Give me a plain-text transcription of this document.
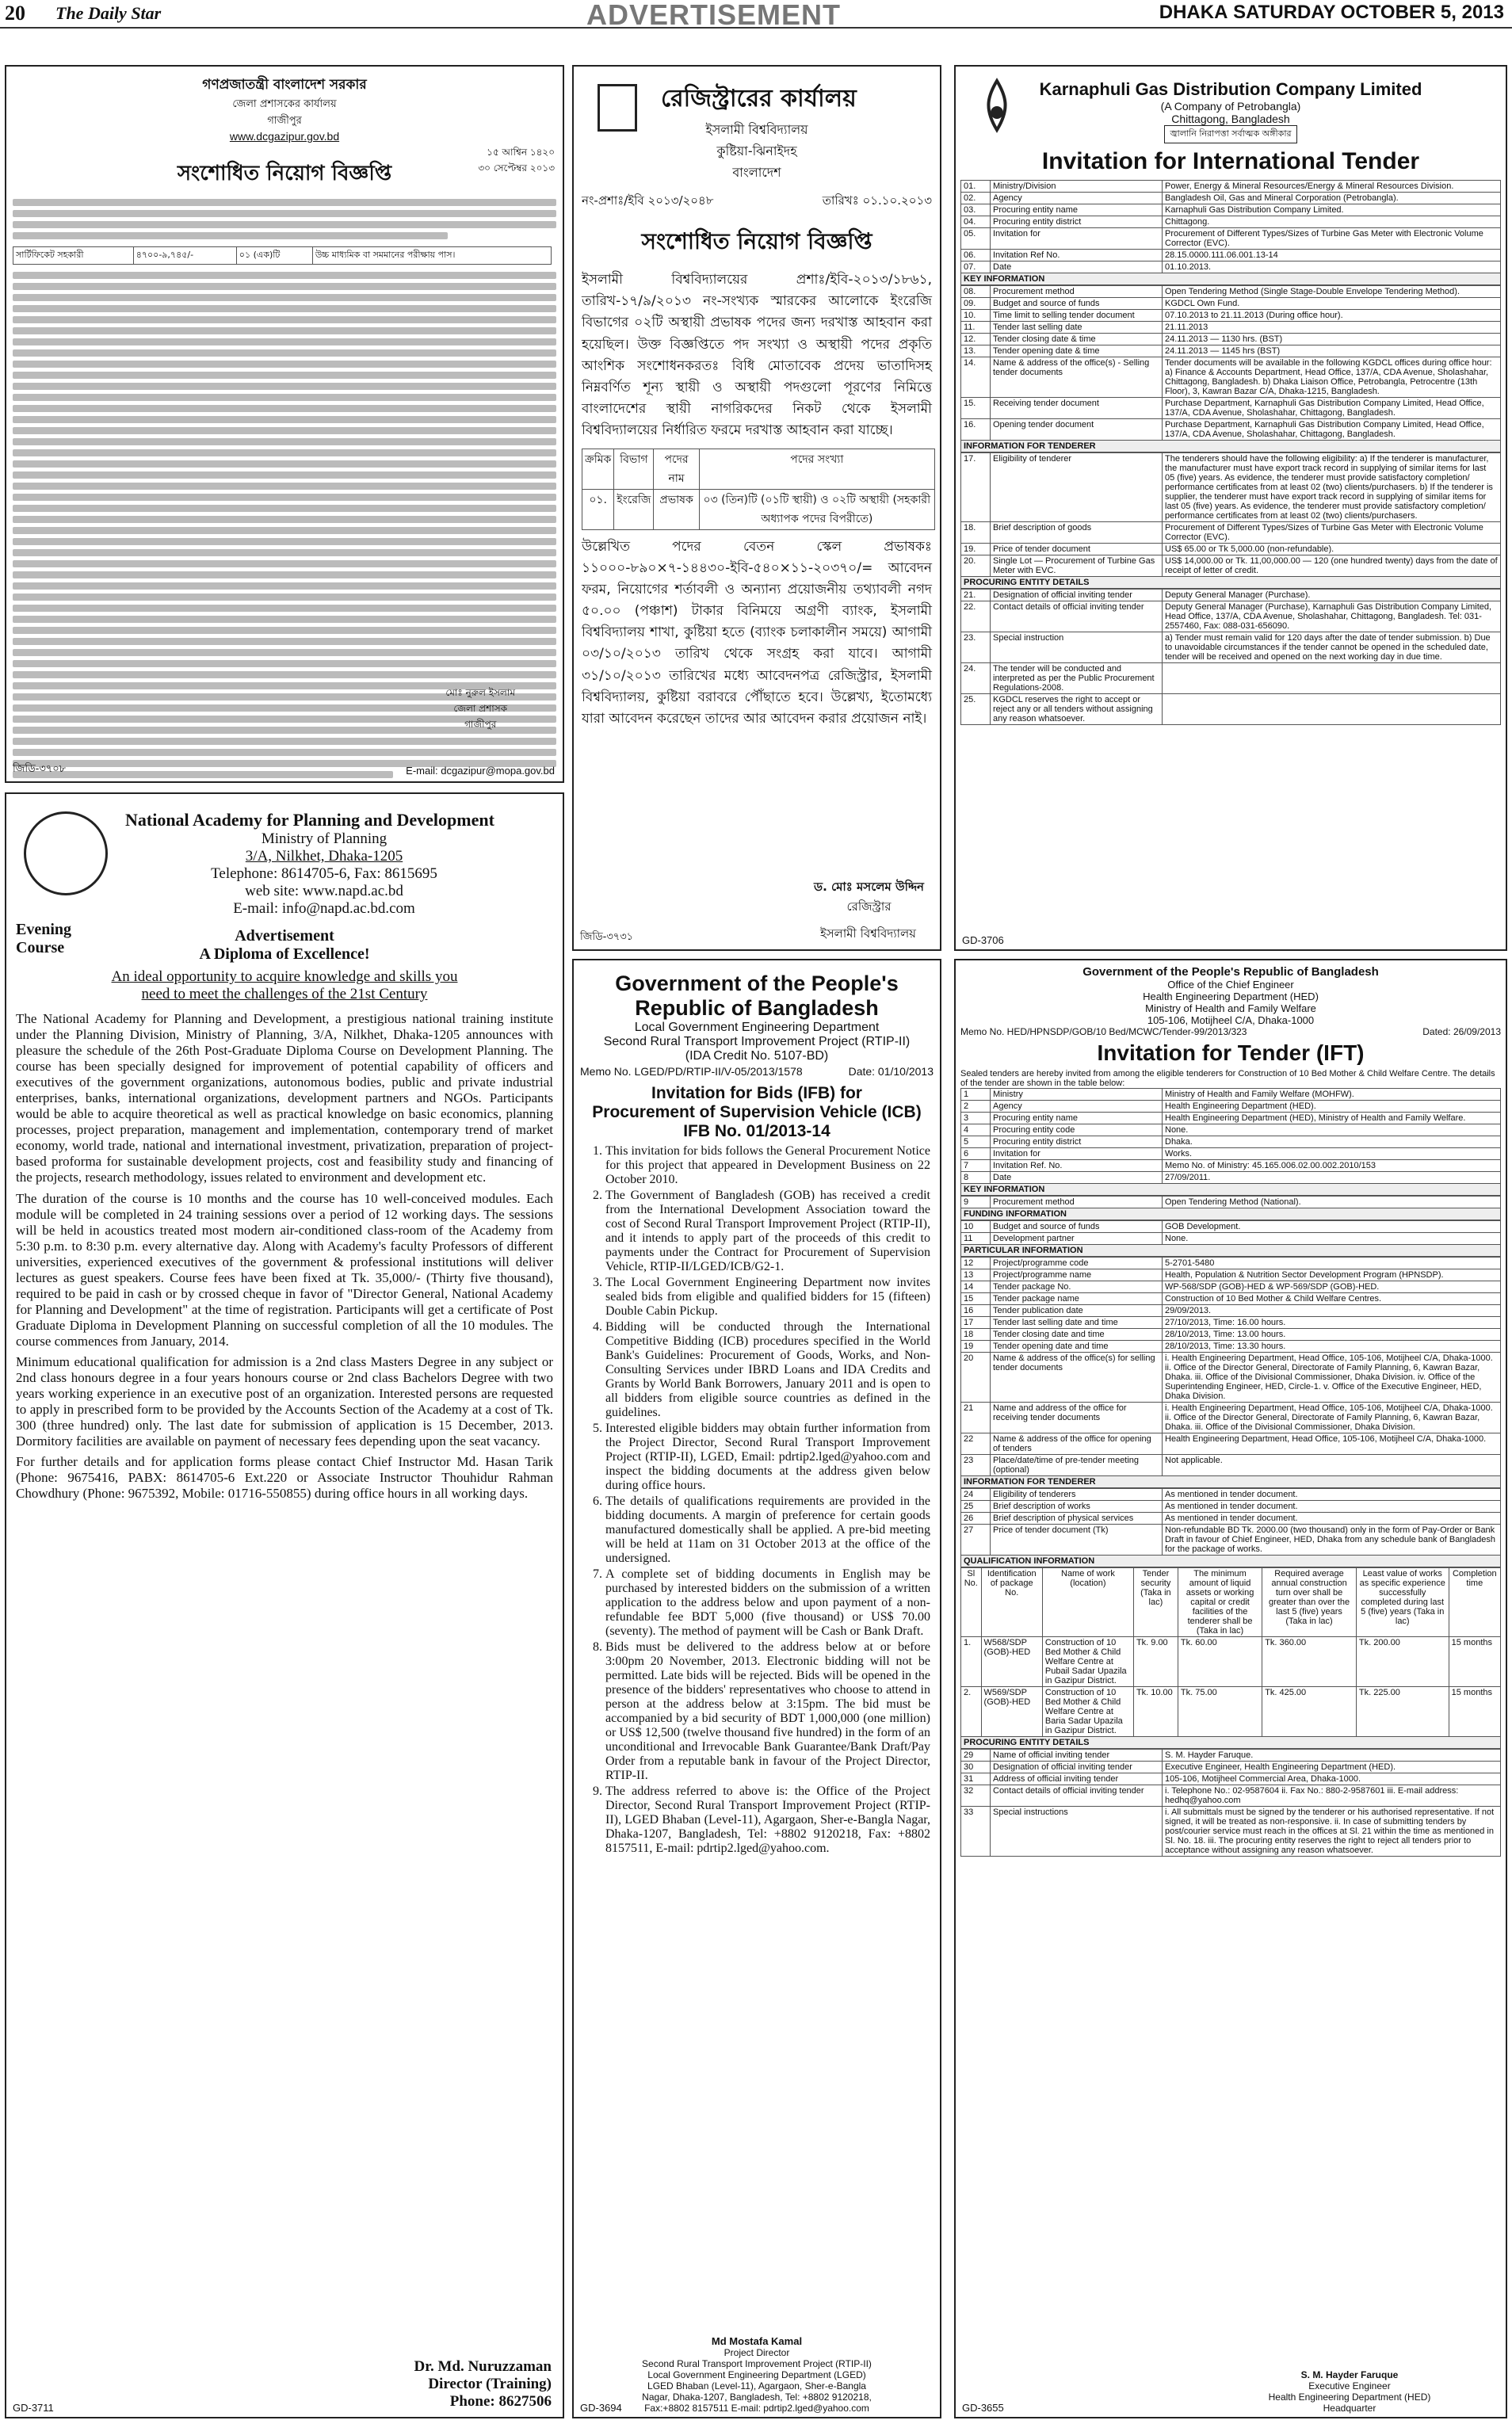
20 The Daily Star	ADVERTISEMENT	DHAKA SATURDAY OCTOBER 5, 2013
গণপ্রজাতন্ত্রী বাংলাদেশ সরকার
জেলা প্রশাসকের কার্যালয়
গাজীপুর
www.dcgazipur.gov.bd
১৫ আশ্বিন ১৪২০
৩০ সেপ্টেম্বর ২০১৩
সংশোধিত নিয়োগ বিজ্ঞপ্তি
সার্টিফিকেট সহকারী	৪৭০০-৯,৭৪৫/-	০১ (এক)টি	উচ্চ মাধ্যমিক বা সমমানের পরীক্ষায় পাস।
মোঃ নুরুল ইসলাম
জেলা প্রশাসক
গাজীপুর
E-mail: dcgazipur@mopa.gov.bd
জিডি-৩৭০৮
রেজিস্ট্রারের কার্যালয়
ইসলামী বিশ্ববিদ্যালয়
কুষ্টিয়া-ঝিনাইদহ
বাংলাদেশ
নং-প্রশাঃ/ইবি ২০১৩/২০৪৮	তারিখঃ ০১.১০.২০১৩
সংশোধিত নিয়োগ বিজ্ঞপ্তি
ইসলামী বিশ্ববিদ্যালয়ের প্রশাঃ/ইবি-২০১৩/১৮৬১, তারিখ-১৭/৯/২০১৩ নং-সংখ্যক স্মারকের আলোকে ইংরেজি বিভাগের ০২টি অস্থায়ী প্রভাষক পদের জন্য দরখাস্ত আহবান করা হয়েছিল। উক্ত বিজ্ঞপ্তিতে পদ সংখ্যা ও অস্থায়ী পদের প্রকৃতি আংশিক সংশোধনকরতঃ বিধি মোতাবেক প্রদেয় ভাতাদিসহ নিম্নবর্ণিত শূন্য স্থায়ী ও অস্থায়ী পদগুলো পূরণের নিমিত্তে বাংলাদেশের স্থায়ী নাগরিকদের নিকট থেকে ইসলামী বিশ্ববিদ্যালয়ের নির্ধারিত ফরমে দরখাস্ত আহবান করা যাচ্ছে।
ক্রমিক	বিভাগ	পদের নাম	পদের সংখ্যা
০১.	ইংরেজি	প্রভাষক	০৩ (তিন)টি (০১টি স্থায়ী) ও ০২টি অস্থায়ী (সহকারী অধ্যাপক পদের বিপরীতে)
উল্লেখিত পদের বেতন স্কেল প্রভাষক‌ঃ ১১০০০-৮৯০×৭-১৪৪৩০-ইবি-৫৪০×১১-২০৩৭০/= আবেদন ফরম, নিয়োগের শর্তাবলী ও অন্যান্য প্রয়োজনীয় তথ্যাবলী নগদ ৫০.০০ (পঞ্চাশ) টাকার বিনিময়ে অগ্রণী ব্যাংক, ইসলামী বিশ্ববিদ্যালয় শাখা, কুষ্টিয়া হতে (ব্যাংক চলাকালীন সময়ে) আগামী ০৩/১০/২০১৩ তারিখ থেকে সংগ্রহ করা যাবে। আগামী ৩১/১০/২০১৩ তারিখের মধ্যে আবেদনপত্র রেজিস্ট্রার, ইসলামী বিশ্ববিদ্যালয়, কুষ্টিয়া বরাবরে পৌঁছাতে হবে। উল্লেখ্য, ইতোমধ্যে যারা আবেদন করেছেন তাদের আর আবেদন করার প্রয়োজন নাই।
ড. মোঃ মসলেম উদ্দিন
রেজিস্ট্রার
ইসলামী বিশ্ববিদ্যালয়
জিডি-৩৭৩১
Karnaphuli Gas Distribution Company Limited
(A Company of Petrobangla)
Chittagong, Bangladesh
জ্বালানি নিরাপত্তা সর্বাত্মক অঙ্গীকার
Invitation for International Tender
01.	Ministry/Division	Power, Energy & Mineral Resources/Energy & Mineral Resources Division.
02.	Agency	Bangladesh Oil, Gas and Mineral Corporation (Petrobangla).
03.	Procuring entity name	Karnaphuli Gas Distribution Company Limited.
04.	Procuring entity district	Chittagong.
05.	Invitation for	Procurement of Different Types/Sizes of Turbine Gas Meter with Electronic Volume Corrector (EVC).
06.	Invitation Ref No.	28.15.0000.111.06.001.13-14
07.	Date	01.10.2013.
KEY INFORMATION
08.	Procurement method	Open Tendering Method (Single Stage-Double Envelope Tendering Method).
09.	Budget and source of funds	KGDCL Own Fund.
10.	Time limit to selling tender document	07.10.2013 to 21.11.2013 (During office hour).
11.	Tender last selling date	21.11.2013
12.	Tender closing date & time	24.11.2013 — 1130 hrs. (BST)
13.	Tender opening date & time	24.11.2013 — 1145 hrs (BST)
14.	Name & address of the office(s) - Selling tender documents	Tender documents will be available in the following KGDCL offices during office hour: a) Finance & Accounts Department, Head Office, 137/A, CDA Avenue, Sholashahar, Chittagong, Bangladesh. b) Dhaka Liaison Office, Petrobangla, Petrocentre (13th Floor), 3, Kawran Bazar C/A, Dhaka-1215, Bangladesh.
15.	Receiving tender document	Purchase Department, Karnaphuli Gas Distribution Company Limited, Head Office, 137/A, CDA Avenue, Sholashahar, Chittagong, Bangladesh.
16.	Opening tender document	Purchase Department, Karnaphuli Gas Distribution Company Limited, Head Office, 137/A, CDA Avenue, Sholashahar, Chittagong, Bangladesh.
INFORMATION FOR TENDERER
17.	Eligibility of tenderer	The tenderers should have the following eligibility: a) If the tenderer is manufacturer, the manufacturer must have export track record in supplying of similar items for last 05 (five) years. As evidence, the tenderer must provide satisfactory completion/ performance certificates from at least 02 (two) clients/purchasers. b) If the tenderer is supplier, the tenderer must have export track record in supplying of similar items for last 05 (five) years. As evidence, the tenderer must provide satisfactory completion/ performance certificates from at least 02 (two) clients/purchasers.
18.	Brief description of goods	Procurement of Different Types/Sizes of Turbine Gas Meter with Electronic Volume Corrector (EVC).
19.	Price of tender document	US$ 65.00 or Tk 5,000.00 (non-refundable).
20.	Single Lot — Procurement of Turbine Gas Meter with EVC.	US$ 14,000.00 or Tk. 11,00,000.00 — 120 (one hundred twenty) days from the date of receipt of letter of credit.
PROCURING ENTITY DETAILS
21.	Designation of official inviting tender	Deputy General Manager (Purchase).
22.	Contact details of official inviting tender	Deputy General Manager (Purchase), Karnaphuli Gas Distribution Company Limited, Head Office, 137/A, CDA Avenue, Sholashahar, Chittagong, Bangladesh. Tel: 031-2557460, Fax: 088-031-656090.
23.	Special instruction	a) Tender must remain valid for 120 days after the date of tender submission. b) Due to unavoidable circumstances if the tender cannot be opened in the scheduled date, tender will be received and opened on the next working day in due time.
24.	The tender will be conducted and interpreted as per the Public Procurement Regulations-2008.	
25.	KGDCL reserves the right to accept or reject any or all tenders without assigning any reason whatsoever.	
GD-3706
National Academy for Planning and Development
Ministry of Planning
3/A, Nilkhet, Dhaka-1205
Telephone: 8614705-6, Fax: 8615695
web site: www.napd.ac.bd
E-mail: info@napd.ac.bd.com
Evening
Course
Advertisement
A Diploma of Excellence!
An ideal opportunity to acquire knowledge and skills you
need to meet the challenges of the 21st Century

The National Academy for Planning and Development, a prestigious national training institute under the Planning Division, Ministry of Planning, 3/A, Nilkhet, Dhaka-1205 announces with pleasure the schedule of the 26th Post-Graduate Diploma Course on Development Planning. The course has been specially designed for improvement of potential capability of officers and executives of the government organizations, autonomous bodies, public and private industrial enterprises, banks, international organizations, development partners and NGOs. Participants would be able to acquire theoretical as well as practical knowledge on basic economics, planning processes, project preparation, management and implementation, contemporary trend of market economy, world trade, national and international investment, privatization, preparation of project-based proforma for sustainable development projects, cost and feasibility study and financing of the projects, research methodology, issues related to environment and development etc.

The duration of the course is 10 months and the course has 10 well-conceived modules. Each module will be completed in 24 training sessions over a period of 12 working days. The sessions will be held in acoustics treated most modern air-conditioned class-room of the Academy from 5:30 p.m. to 8:30 p.m. every alternative day. Along with Academy's faculty Professors of different universities, experienced executives of the government & professional institutions will deliver lectures as guest speakers. Course fees have been fixed at Tk. 35,000/- (Thirty five thousand), required to be paid in cash or by crossed cheque in favor of "Director General, National Academy for Planning and Development" at the time of registration. Participants will get a certificate of Post Graduate Diploma in Development Planning on successful completion of all the 10 modules. The course commences from January, 2014.

Minimum educational qualification for admission is a 2nd class Masters Degree in any subject or 2nd class honours degree in a four years honours course or 2nd class Bachelors Degree with two years working experience in an executive post of an organization. Interested persons are requested to apply in prescribed form to be provided by the Accounts Section of the Academy at a cost of Tk. 300 (three hundred) only. The last date for submission of application is 15 December, 2013. Dormitory facilities are available on payment of necessary fees depending upon the seat vacancy.

For further details and for application forms please contact Chief Instructor Md. Hasan Tarik (Phone: 9675416, PABX: 8614705-6 Ext.220 or Associate Instructor Thouhidur Rahman Chowdhury (Phone: 9675392, Mobile: 01716-550855) during office hours in all working days.

Dr. Md. Nuruzzaman
Director (Training)
Phone: 8627506
GD-3711
Government of the People's
Republic of Bangladesh
Local Government Engineering Department
Second Rural Transport Improvement Project (RTIP-II)
(IDA Credit No. 5107-BD)
Memo No. LGED/PD/RTIP-II/V-05/2013/1578	Date: 01/10/2013
Invitation for Bids (IFB) for
Procurement of Supervision Vehicle (ICB)
IFB No. 01/2013-14
1. This invitation for bids follows the General Procurement Notice for this project that appeared in Development Business on 22 October 2010.
2. The Government of Bangladesh (GOB) has received a credit from the International Development Association toward the cost of Second Rural Transport Improvement Project (RTIP-II), and it intends to apply part of the proceeds of this credit to payments under the Contract for Procurement of Supervision Vehicle, RTIP-II/LGED/ICB/G2-1.
3. The Local Government Engineering Department now invites sealed bids from eligible and qualified bidders for 15 (fifteen) Double Cabin Pickup.
4. Bidding will be conducted through the International Competitive Bidding (ICB) procedures specified in the World Bank's Guidelines: Procurement of Goods, Works, and Non-Consulting Services under IBRD Loans and IDA Credits and Grants by World Bank Borrowers, January 2011 and is open to all bidders from eligible source countries as defined in the guidelines.
5. Interested eligible bidders may obtain further information from the Project Director, Second Rural Transport Improvement Project (RTIP-II), LGED, Email: pdrtip2.lged@yahoo.com and inspect the bidding documents at the address given below during office hours.
6. The details of qualifications requirements are provided in the bidding documents. A margin of preference for certain goods manufactured domestically shall be applied. A pre-bid meeting will be held at 11am on 31 October 2013 at the office of the undersigned.
7. A complete set of bidding documents in English may be purchased by interested bidders on the submission of a written application to the address below and upon payment of a non-refundable fee BDT 5,000 (five thousand) or US$ 70.00 (seventy). The method of payment will be Cash or Bank Draft.
8. Bids must be delivered to the address below at or before 3:00pm 20 November, 2013. Electronic bidding will not be permitted. Late bids will be rejected. Bids will be opened in the presence of the bidders' representatives who choose to attend in person at the address below at 3:15pm. The bid must be accompanied by a bid security of BDT 1,000,000 (one million) or US$ 12,500 (twelve thousand five hundred) in the form of an unconditional and Irrevocable Bank Guarantee/Bank Draft/Pay Order from a reputable bank in favour of the Project Director, RTIP-II.
9. The address referred to above is: the Office of the Project Director, Second Rural Transport Improvement Project (RTIP-II), LGED Bhaban (Level-11), Agargaon, Sher-e-Bangla Nagar, Dhaka-1207, Bangladesh, Tel: +8802 9120218, Fax: +8802 8157511, E-mail: pdrtip2.lged@yahoo.com.
Md Mostafa Kamal
Project Director
Second Rural Transport Improvement Project (RTIP-II)
Local Government Engineering Department (LGED)
LGED Bhaban (Level-11), Agargaon, Sher-e-Bangla
Nagar, Dhaka-1207, Bangladesh, Tel: +8802 9120218,
Fax:+8802 8157511 E-mail: pdrtip2.lged@yahoo.com
GD-3694
Government of the People's Republic of Bangladesh
Office of the Chief Engineer
Health Engineering Department (HED)
Ministry of Health and Family Welfare
105-106, Motijheel C/A, Dhaka-1000
Memo No. HED/HPNSDP/GOB/10 Bed/MCWC/Tender-99/2013/323	Dated: 26/09/2013
Invitation for Tender (IFT)
Sealed tenders are hereby invited from among the eligible tenderers for Construction of 10 Bed Mother & Child Welfare Centre. The details of the tender are shown in the table below:
1	Ministry	Ministry of Health and Family Welfare (MOHFW).
2	Agency	Health Engineering Department (HED).
3	Procuring entity name	Health Engineering Department (HED), Ministry of Health and Family Welfare.
4	Procuring entity code	None.
5	Procuring entity district	Dhaka.
6	Invitation for	Works.
7	Invitation Ref. No.	Memo No. of Ministry: 45.165.006.02.00.002.2010/153
8	Date	27/09/2011.
KEY INFORMATION
9	Procurement method	Open Tendering Method (National).
FUNDING INFORMATION
10	Budget and source of funds	GOB Development.
11	Development partner	None.
PARTICULAR INFORMATION
12	Project/programme code	5-2701-5480
13	Project/programme name	Health, Population & Nutrition Sector Development Program (HPNSDP).
14	Tender package No.	WP-568/SDP (GOB)-HED & WP-569/SDP (GOB)-HED.
15	Tender package name	Construction of 10 Bed Mother & Child Welfare Centres.
16	Tender publication date	29/09/2013.
17	Tender last selling date and time	27/10/2013, Time: 16.00 hours.
18	Tender closing date and time	28/10/2013, Time: 13.00 hours.
19	Tender opening date and time	28/10/2013, Time: 13.30 hours.
20	Name & address of the office(s) for selling tender documents	i. Health Engineering Department, Head Office, 105-106, Motijheel C/A, Dhaka-1000. ii. Office of the Director General, Directorate of Family Planning, 6, Kawran Bazar, Dhaka. iii. Office of the Divisional Commissioner, Dhaka Division. iv. Office of the Superintending Engineer, HED, Circle-1. v. Office of the Executive Engineer, HED, Dhaka Division.
21	Name and address of the office for receiving tender documents	i. Health Engineering Department, Head Office, 105-106, Motijheel C/A, Dhaka-1000. ii. Office of the Director General, Directorate of Family Planning, 6, Kawran Bazar, Dhaka. iii. Office of the Divisional Commissioner, Dhaka Division.
22	Name & address of the office for opening of tenders	Health Engineering Department, Head Office, 105-106, Motijheel C/A, Dhaka-1000.
23	Place/date/time of pre-tender meeting (optional)	Not applicable.
INFORMATION FOR TENDERER
24	Eligibility of tenderers	As mentioned in tender document.
25	Brief description of works	As mentioned in tender document.
26	Brief description of physical services	As mentioned in tender document.
27	Price of tender document (Tk)	Non-refundable BD Tk. 2000.00 (two thousand) only in the form of Pay-Order or Bank Draft in favour of Chief Engineer, HED, Dhaka from any schedule bank of Bangladesh for the package of works.
QUALIFICATION INFORMATION
Sl No.	Identification of package No.	Name of work (location)	Tender security (Taka in lac)	The minimum amount of liquid assets or working capital or credit facilities of the tenderer shall be (Taka in lac)	Required average annual construction turn over shall be greater than over the last 5 (five) years (Taka in lac)	Least value of works as specific experience successfully completed during last 5 (five) years (Taka in lac)	Completion time
1.	W568/SDP (GOB)-HED	Construction of 10 Bed Mother & Child Welfare Centre at Pubail Sadar Upazila in Gazipur District.	Tk. 9.00	Tk. 60.00	Tk. 360.00	Tk. 200.00	15 months
2.	W569/SDP (GOB)-HED	Construction of 10 Bed Mother & Child Welfare Centre at Baria Sadar Upazila in Gazipur District.	Tk. 10.00	Tk. 75.00	Tk. 425.00	Tk. 225.00	15 months
PROCURING ENTITY DETAILS
29	Name of official inviting tender	S. M. Hayder Faruque.
30	Designation of official inviting tender	Executive Engineer, Health Engineering Department (HED).
31	Address of official inviting tender	105-106, Motijheel Commercial Area, Dhaka-1000.
32	Contact details of official inviting tender	i. Telephone No.: 02-9587604 ii. Fax No.: 880-2-9587601 iii. E-mail address: hedhq@yahoo.com
33	Special instructions	i. All submittals must be signed by the tenderer or his authorised representative. If not signed, it will be treated as non-responsive. ii. In case of submitting tenders by post/courier service must reach in the offices at Sl. 21 within the time as mentioned in Sl. No. 18. iii. The procuring entity reserves the right to reject all tenders prior to acceptance without assigning any reason whatsoever.
S. M. Hayder Faruque
Executive Engineer
Health Engineering Department (HED)
Headquarter
GD-3655
